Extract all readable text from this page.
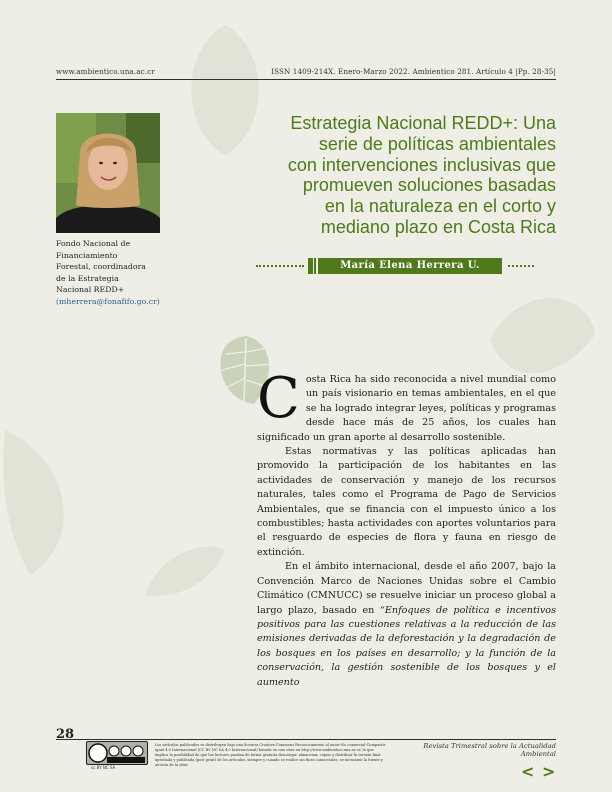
www.ambientico.una.ac.cr	ISSN 1409-214X. Enero-Marzo 2022. Ambientico 281. Artículo 4 |Pp. 28-35|
Fondo Nacional de
Financiamiento
Forestal, coordinadora
de la Estrategia
Nacional REDD+
(mherrera@fonafifo.go.cr)
Estrategia Nacional REDD+: Una
serie de políticas ambientales
con intervenciones inclusivas que
promueven soluciones basadas
en la naturaleza en el corto y
mediano plazo en Costa Rica
María Elena Herrera U.

Costa Rica ha sido reconocida a nivel mundial como un país visionario en temas ambientales, en el que se ha logrado integrar leyes, políticas y programas desde hace más de 25 años, los cuales han significado un gran aporte al desarrollo sostenible.

Estas normativas y las políticas aplicadas han promovido la participación de los habitantes en las actividades de conservación y manejo de los recursos naturales, tales como el Programa de Pago de Servicios Ambientales, que se financia con el impuesto único a los combustibles; hasta actividades con aportes voluntarios para el resguardo de especies de flora y fauna en riesgo de extinción.

En el ámbito internacional, desde el año 2007, bajo la Convención Marco de Naciones Unidas sobre el Cambio Climático (CMNUCC) se resuelve iniciar un proceso global a largo plazo, basado en “Enfoques de política e incentivos positivos para las cuestiones relativas a la reducción de las emisiones derivadas de la deforestación y la degradación de los bosques en los países en desarrollo; y la función de la conservación, la gestión sostenible de los bosques y el aumento

28
cc BY NC SA
Los artículos publicados se distribuyen bajo una licencia Creative Commons Reconocimiento al autor-No comercial-Compartir igual 4.0 Internacional (CC BY NC SA 4.0 Internacional) basada en una obra en http://www.ambientico.una.ac.cr, lo que implica la posibilidad de que los lectores puedan de forma gratuita descargar, almacenar, copiar y distribuir la versión final aprobada y publicada (post print) de los artículos, siempre y cuando se realice sin fines comerciales, se mencione la fuente y autoría de la obra.
Revista Trimestral sobre la Actualidad Ambiental
< >
